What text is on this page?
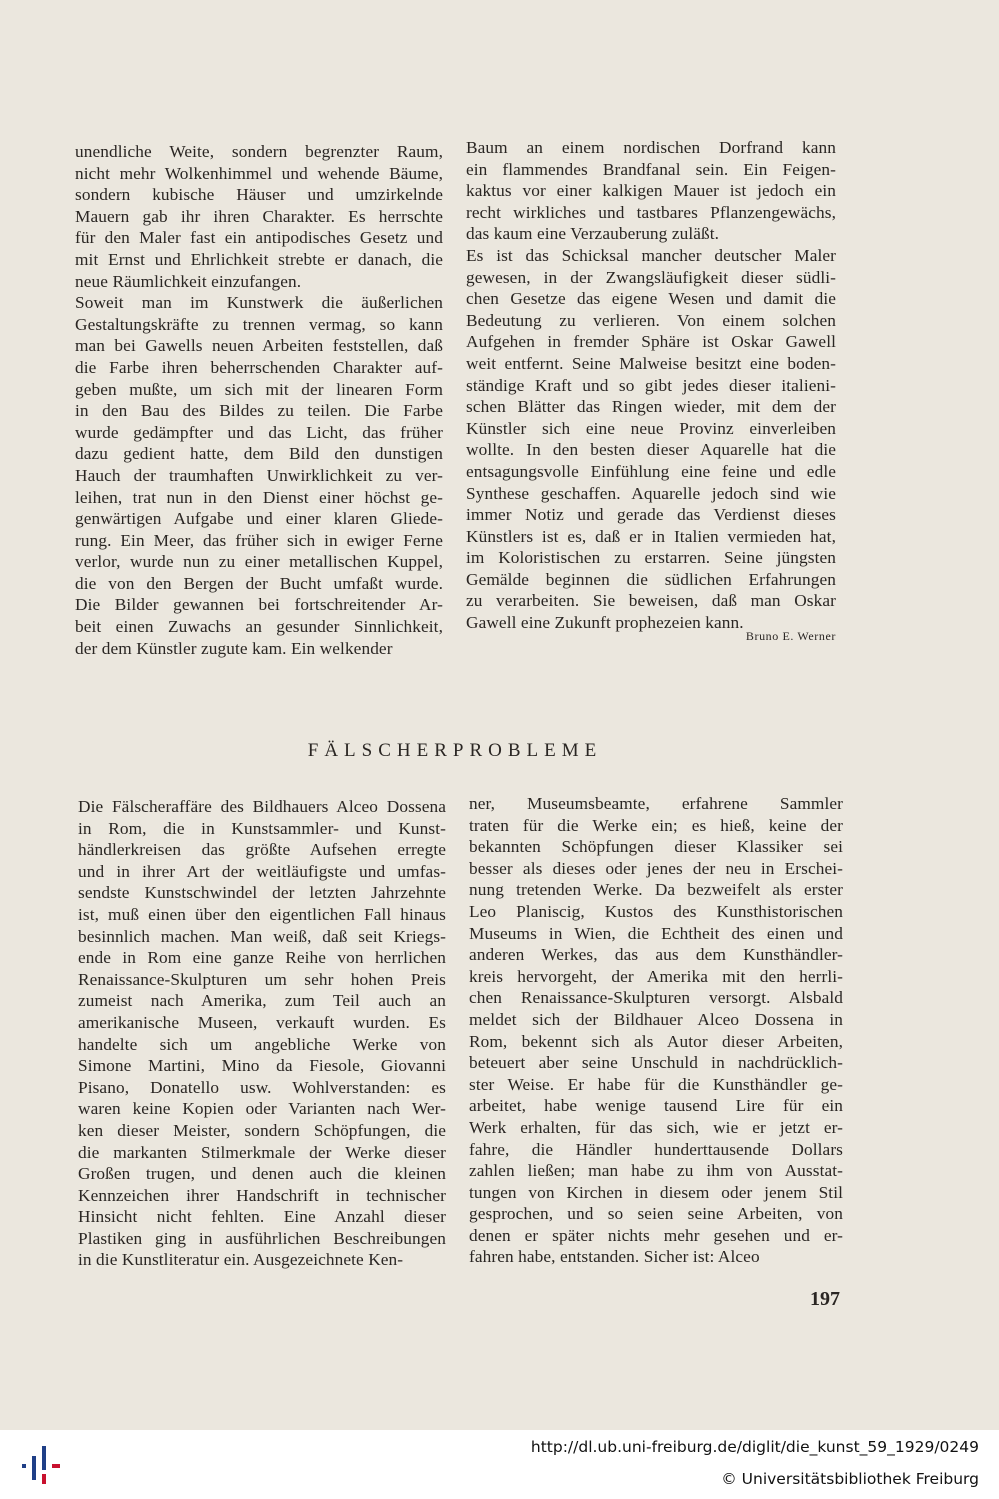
unendliche Weite, sondern begrenzter Raum,
nicht mehr Wolkenhimmel und wehende Bäume,
sondern kubische Häuser und umzirkelnde
Mauern gab ihr ihren Charakter. Es herrschte
für den Maler fast ein antipodisches Gesetz und
mit Ernst und Ehrlichkeit strebte er danach, die
neue Räumlichkeit einzufangen.
Soweit man im Kunstwerk die äußerlichen
Gestaltungskräfte zu trennen vermag, so kann
man bei Gawells neuen Arbeiten feststellen, daß
die Farbe ihren beherrschenden Charakter auf-
geben mußte, um sich mit der linearen Form
in den Bau des Bildes zu teilen. Die Farbe
wurde gedämpfter und das Licht, das früher
dazu gedient hatte, dem Bild den dunstigen
Hauch der traumhaften Unwirklichkeit zu ver-
leihen, trat nun in den Dienst einer höchst ge-
genwärtigen Aufgabe und einer klaren Gliede-
rung. Ein Meer, das früher sich in ewiger Ferne
verlor, wurde nun zu einer metallischen Kuppel,
die von den Bergen der Bucht umfaßt wurde.
Die Bilder gewannen bei fortschreitender Ar-
beit einen Zuwachs an gesunder Sinnlichkeit,
der dem Künstler zugute kam. Ein welkender
Baum an einem nordischen Dorfrand kann
ein flammendes Brandfanal sein. Ein Feigen-
kaktus vor einer kalkigen Mauer ist jedoch ein
recht wirkliches und tastbares Pflanzengewächs,
das kaum eine Verzauberung zuläßt.
Es ist das Schicksal mancher deutscher Maler
gewesen, in der Zwangsläufigkeit dieser südli-
chen Gesetze das eigene Wesen und damit die
Bedeutung zu verlieren. Von einem solchen
Aufgehen in fremder Sphäre ist Oskar Gawell
weit entfernt. Seine Malweise besitzt eine boden-
ständige Kraft und so gibt jedes dieser italieni-
schen Blätter das Ringen wieder, mit dem der
Künstler sich eine neue Provinz einverleiben
wollte. In den besten dieser Aquarelle hat die
entsagungsvolle Einfühlung eine feine und edle
Synthese geschaffen. Aquarelle jedoch sind wie
immer Notiz und gerade das Verdienst dieses
Künstlers ist es, daß er in Italien vermieden hat,
im Koloristischen zu erstarren. Seine jüngsten
Gemälde beginnen die südlichen Erfahrungen
zu verarbeiten. Sie beweisen, daß man Oskar
Gawell eine Zukunft prophezeien kann.
Bruno E. Werner
FÄLSCHERPROBLEME
Die Fälscheraffäre des Bildhauers Alceo Dossena
in Rom, die in Kunstsammler- und Kunst-
händlerkreisen das größte Aufsehen erregte
und in ihrer Art der weitläufigste und umfas-
sendste Kunstschwindel der letzten Jahrzehnte
ist, muß einen über den eigentlichen Fall hinaus
besinnlich machen. Man weiß, daß seit Kriegs-
ende in Rom eine ganze Reihe von herrlichen
Renaissance-Skulpturen um sehr hohen Preis
zumeist nach Amerika, zum Teil auch an
amerikanische Museen, verkauft wurden. Es
handelte sich um angebliche Werke von
Simone Martini, Mino da Fiesole, Giovanni
Pisano, Donatello usw. Wohlverstanden: es
waren keine Kopien oder Varianten nach Wer-
ken dieser Meister, sondern Schöpfungen, die
die markanten Stilmerkmale der Werke dieser
Großen trugen, und denen auch die kleinen
Kennzeichen ihrer Handschrift in technischer
Hinsicht nicht fehlten. Eine Anzahl dieser
Plastiken ging in ausführlichen Beschreibungen
in die Kunstliteratur ein. Ausgezeichnete Ken-
ner, Museumsbeamte, erfahrene Sammler
traten für die Werke ein; es hieß, keine der
bekannten Schöpfungen dieser Klassiker sei
besser als dieses oder jenes der neu in Erschei-
nung tretenden Werke. Da bezweifelt als erster
Leo Planiscig, Kustos des Kunsthistorischen
Museums in Wien, die Echtheit des einen und
anderen Werkes, das aus dem Kunsthändler-
kreis hervorgeht, der Amerika mit den herrli-
chen Renaissance-Skulpturen versorgt. Alsbald
meldet sich der Bildhauer Alceo Dossena in
Rom, bekennt sich als Autor dieser Arbeiten,
beteuert aber seine Unschuld in nachdrücklich-
ster Weise. Er habe für die Kunsthändler ge-
arbeitet, habe wenige tausend Lire für ein
Werk erhalten, für das sich, wie er jetzt er-
fahre, die Händler hunderttausende Dollars
zahlen ließen; man habe zu ihm von Ausstat-
tungen von Kirchen in diesem oder jenem Stil
gesprochen, und so seien seine Arbeiten, von
denen er später nichts mehr gesehen und er-
fahren habe, entstanden. Sicher ist: Alceo
197
http://dl.ub.uni-freiburg.de/diglit/die_kunst_59_1929/0249
© Universitätsbibliothek Freiburg
